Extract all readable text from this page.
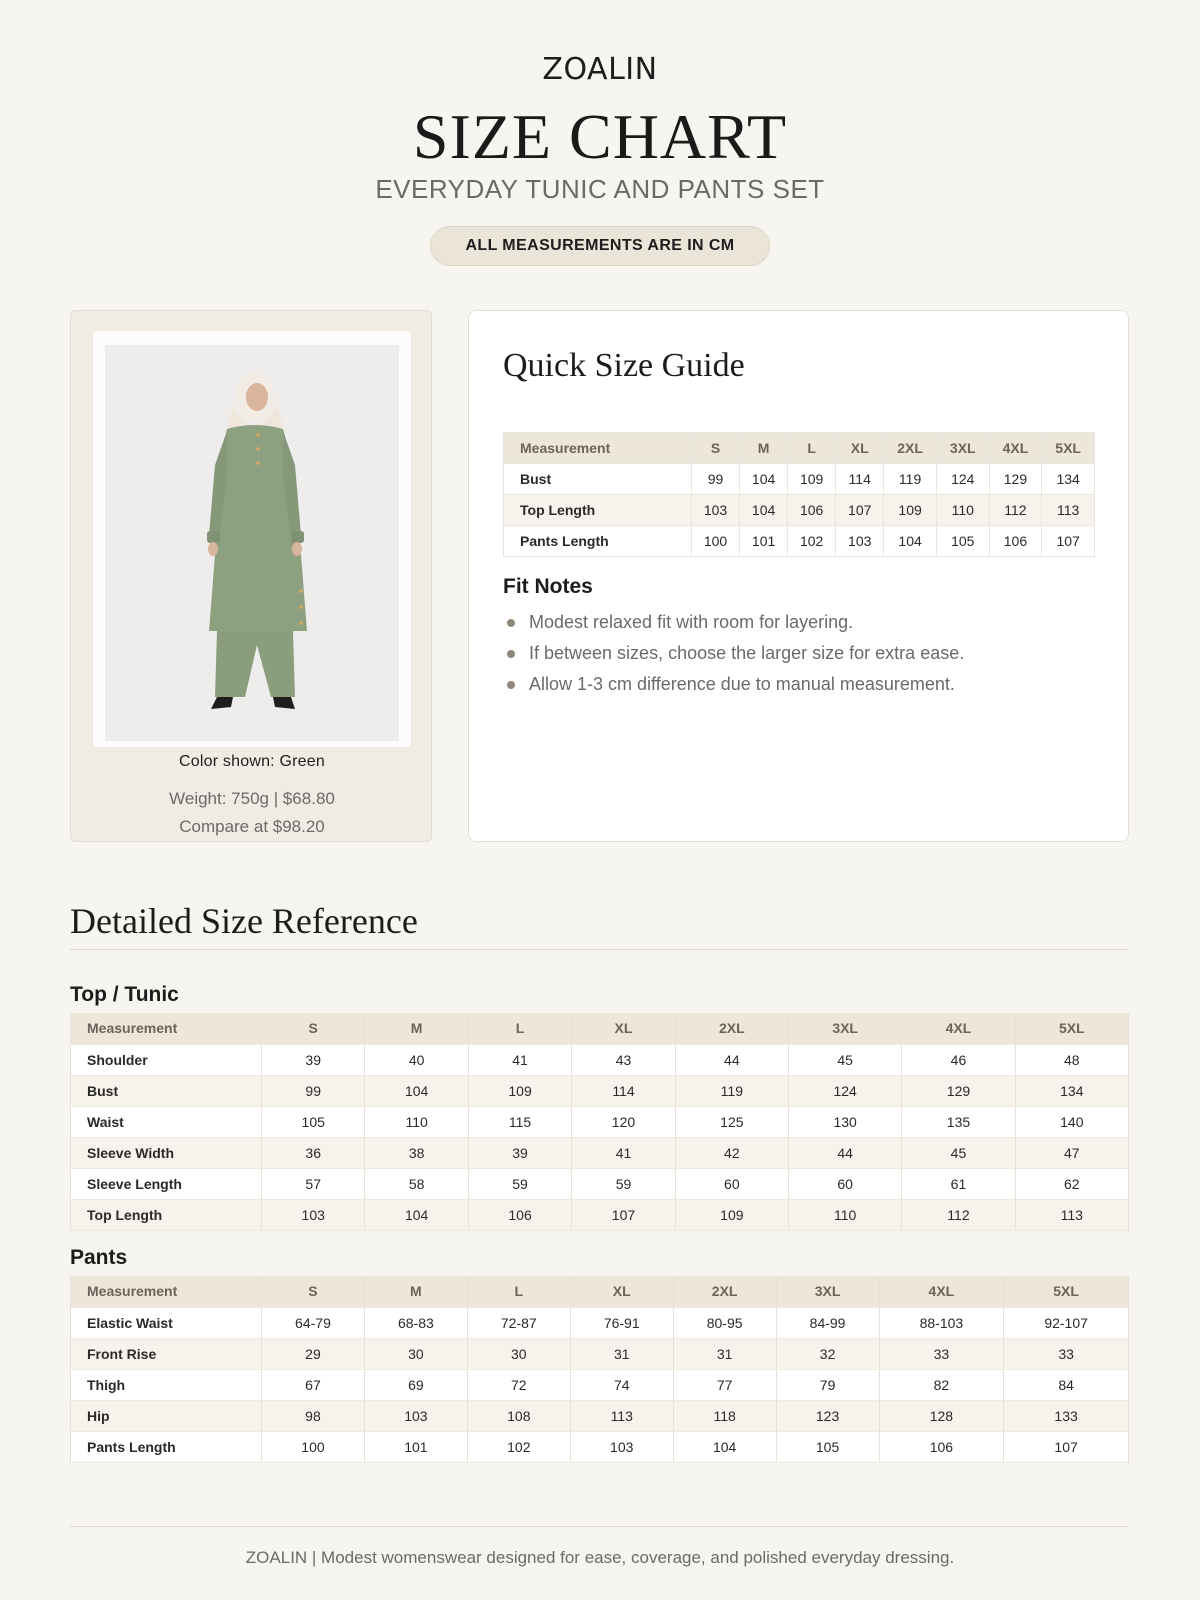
ZOALIN
SIZE CHART
EVERYDAY TUNIC AND PANTS SET
ALL MEASUREMENTS ARE IN CM
Color shown: Green
Weight: 750g | $68.80
Compare at $98.20
Quick Size Guide
Measurement	S	M	L	XL	2XL	3XL	4XL	5XL
Bust	99	104	109	114	119	124	129	134
Top Length	103	104	106	107	109	110	112	113
Pants Length	100	101	102	103	104	105	106	107
Fit Notes
Modest relaxed fit with room for layering.
If between sizes, choose the larger size for extra ease.
Allow 1-3 cm difference due to manual measurement.
Detailed Size Reference
Top / Tunic
Measurement	S	M	L	XL	2XL	3XL	4XL	5XL
Shoulder	39	40	41	43	44	45	46	48
Bust	99	104	109	114	119	124	129	134
Waist	105	110	115	120	125	130	135	140
Sleeve Width	36	38	39	41	42	44	45	47
Sleeve Length	57	58	59	59	60	60	61	62
Top Length	103	104	106	107	109	110	112	113
Pants
Measurement	S	M	L	XL	2XL	3XL	4XL	5XL
Elastic Waist	64-79	68-83	72-87	76-91	80-95	84-99	88-103	92-107
Front Rise	29	30	30	31	31	32	33	33
Thigh	67	69	72	74	77	79	82	84
Hip	98	103	108	113	118	123	128	133
Pants Length	100	101	102	103	104	105	106	107
ZOALIN | Modest womenswear designed for ease, coverage, and polished everyday dressing.
